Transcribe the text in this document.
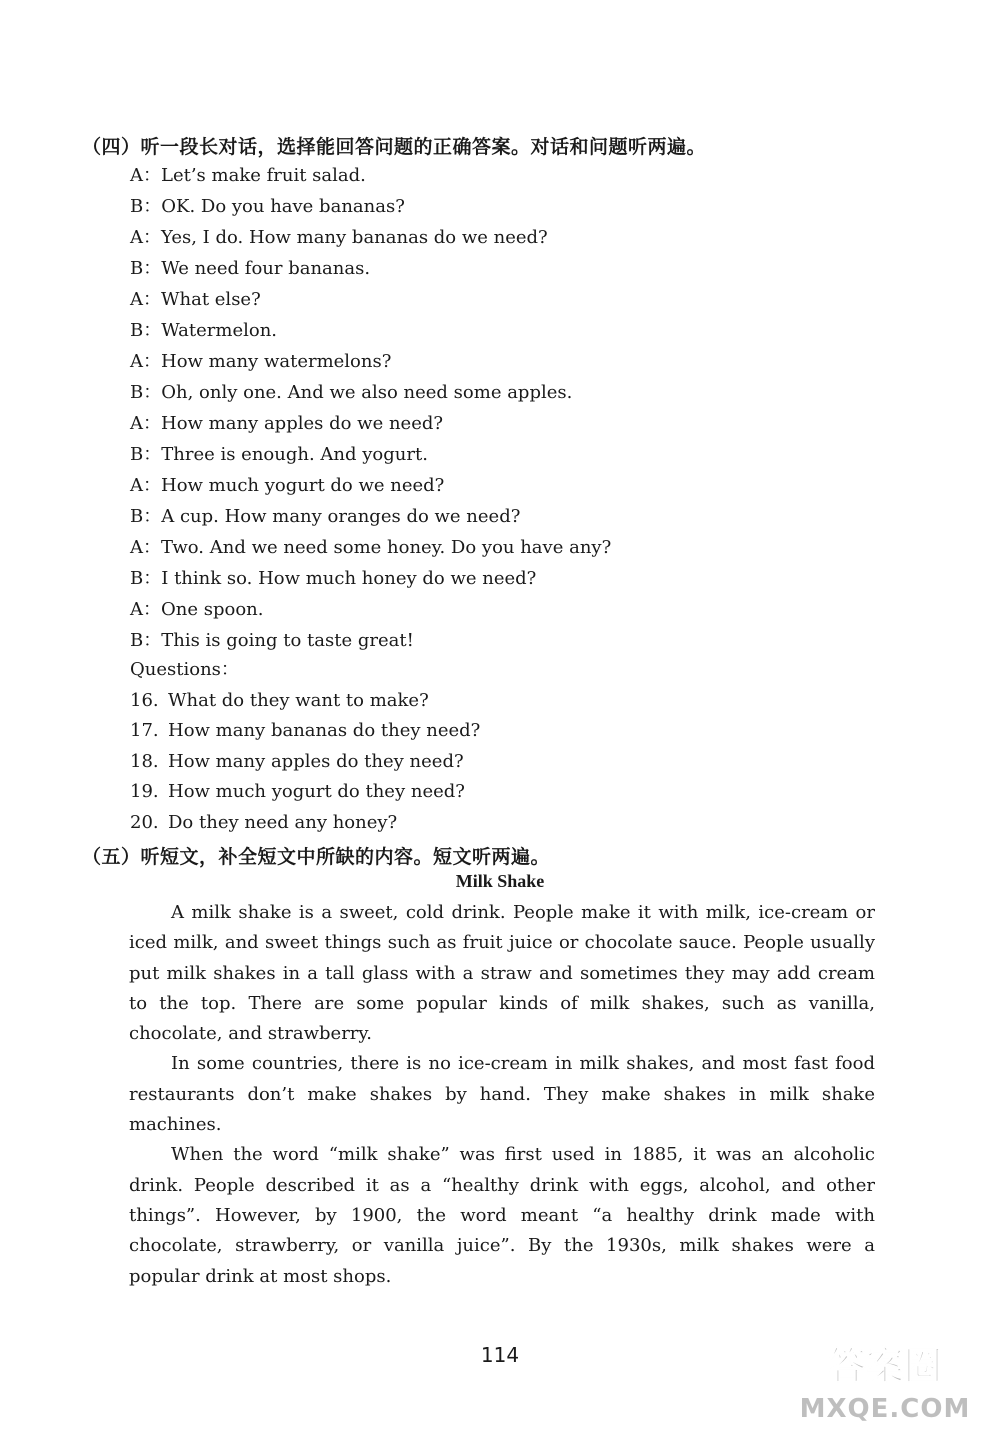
（四）听一段长对话，选择能回答问题的正确答案。对话和问题听两遍。
A：Let’s make fruit salad.
B：OK. Do you have bananas?
A：Yes, I do. How many bananas do we need?
B：We need four bananas.
A：What else?
B：Watermelon.
A：How many watermelons?
B：Oh, only one. And we also need some apples.
A：How many apples do we need?
B：Three is enough. And yogurt.
A：How much yogurt do we need?
B：A cup. How many oranges do we need?
A：Two. And we need some honey. Do you have any?
B：I think so. How much honey do we need?
A：One spoon.
B：This is going to taste great!
Questions：
16. What do they want to make?
17. How many bananas do they need?
18. How many apples do they need?
19. How much yogurt do they need?
20. Do they need any honey?
（五）听短文，补全短文中所缺的内容。短文听两遍。
Milk Shake

A milk shake is a sweet, cold drink. People make it with milk, ice-cream or iced milk, and sweet things such as fruit juice or chocolate sauce. People usually put milk shakes in a tall glass with a straw and sometimes they may add cream to the top. There are some popular kinds of milk shakes, such as vanilla, chocolate, and strawberry.

In some countries, there is no ice-cream in milk shakes, and most fast food restaurants don’t make shakes by hand. They make shakes in milk shake machines.

When the word “milk shake” was first used in 1885, it was an alcoholic drink. People described it as a “healthy drink with eggs, alcohol, and other things”. However, by 1900, the word meant “a healthy drink made with chocolate, strawberry, or vanilla juice”. By the 1930s, milk shakes were a popular drink at most shops.

114	答案圈
MXQE.COM
